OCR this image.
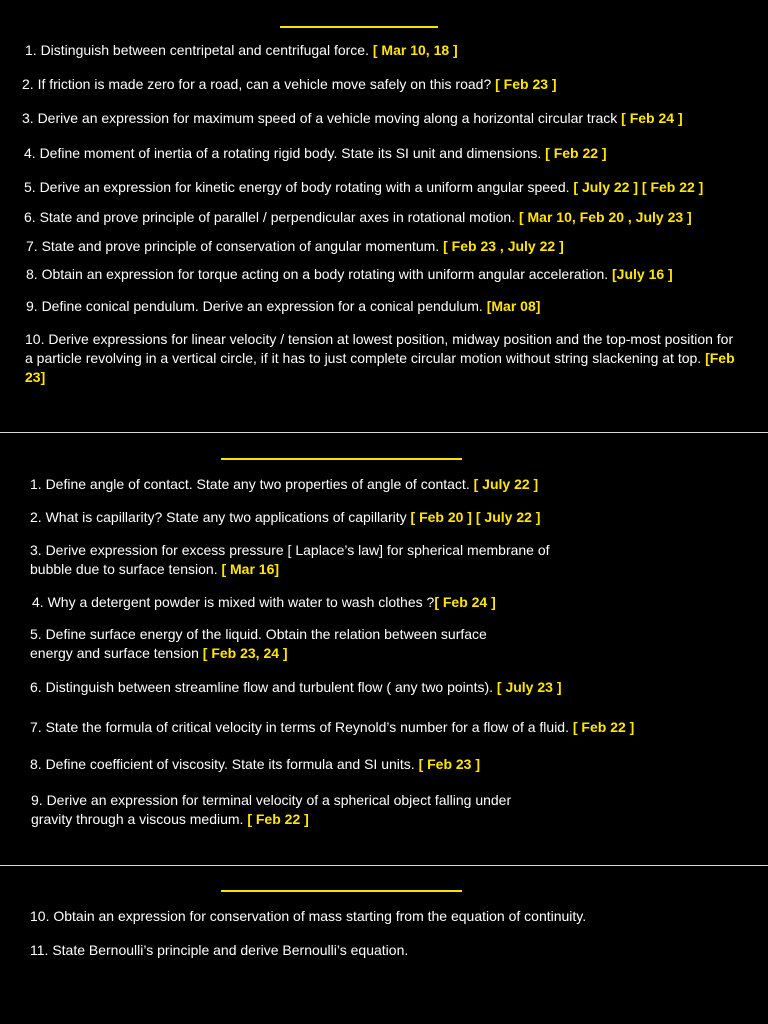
1. Distinguish between centripetal and centrifugal force. [ Mar 10, 18 ]

2. If friction is made zero for a road, can a vehicle move safely on this road? [ Feb 23 ]

3. Derive an expression for maximum speed of a vehicle moving along a horizontal circular track [ Feb 24 ]

4. Define moment of inertia of a rotating rigid body. State its SI unit and dimensions. [ Feb 22 ]

5. Derive an expression for kinetic energy of body rotating with a uniform angular speed. [ July 22 ] [ Feb 22 ]

6. State and prove principle of parallel / perpendicular axes in rotational motion. [ Mar 10, Feb 20 , July 23 ]

7. State and prove principle of conservation of angular momentum. [ Feb 23 , July 22 ]

8. Obtain an expression for torque acting on a body rotating with uniform angular acceleration. [July 16 ]

9. Define conical pendulum. Derive an expression for a conical pendulum. [Mar 08]

10. Derive expressions for linear velocity / tension at lowest position, midway position and the top-most position for a particle revolving in a vertical circle, if it has to just complete circular motion without string slackening at top. [Feb 23]

1. Define angle of contact. State any two properties of angle of contact. [ July 22 ]

2. What is capillarity? State any two applications of capillarity [ Feb 20 ] [ July 22 ]

3. Derive expression for excess pressure [ Laplace’s law] for spherical membrane of bubble due to surface tension. [ Mar 16]

4. Why a detergent powder is mixed with water to wash clothes ?[ Feb 24 ]

5. Define surface energy of the liquid. Obtain the relation between surface energy and surface tension [ Feb 23, 24 ]

6. Distinguish between streamline flow and turbulent flow ( any two points). [ July 23 ]

7. State the formula of critical velocity in terms of Reynold’s number for a flow of a fluid. [ Feb 22 ]

8. Define coefficient of viscosity. State its formula and SI units. [ Feb 23 ]

9. Derive an expression for terminal velocity of a spherical object falling under gravity through a viscous medium. [ Feb 22 ]

10. Obtain an expression for conservation of mass starting from the equation of continuity.

11. State Bernoulli’s principle and derive Bernoulli’s equation.
